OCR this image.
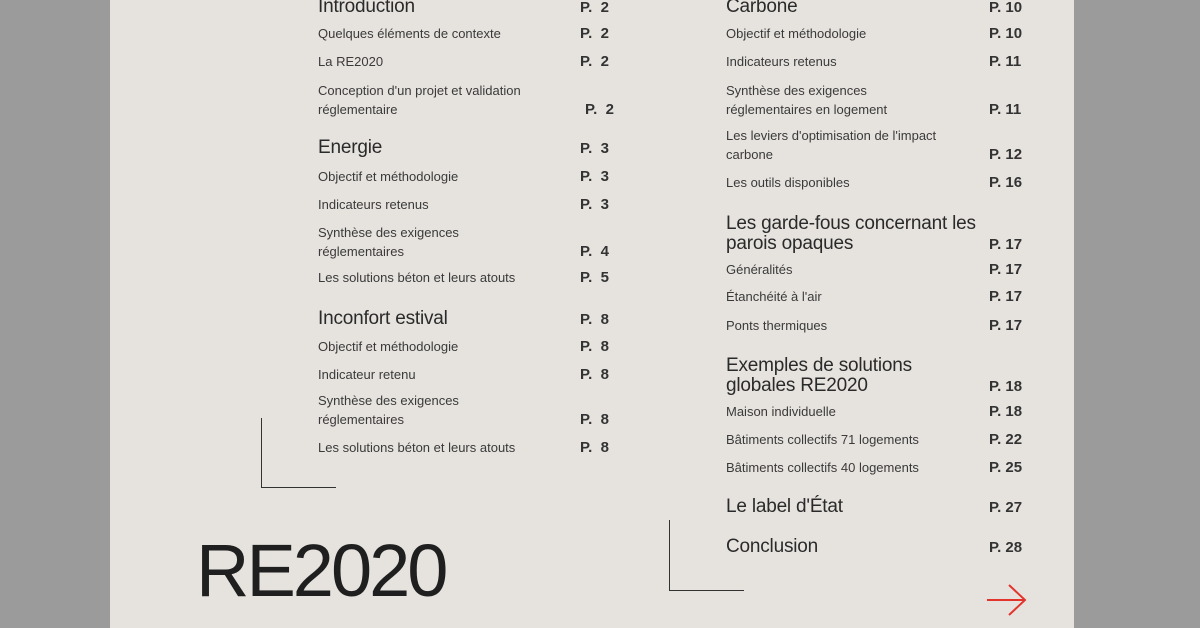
Introduction	P.  2
Quelques éléments de contexte	P.  2
La RE2020	P.  2
Conception d'un projet et validation réglementaire	P.  2
Energie	P.  3
Objectif et méthodologie	P.  3
Indicateurs retenus	P.  3
Synthèse des exigences réglementaires	P.  4
Les solutions béton et leurs atouts	P.  5
Inconfort estival	P.  8
Objectif et méthodologie	P.  8
Indicateur retenu	P.  8
Synthèse des exigences réglementaires	P.  8
Les solutions béton et leurs atouts	P.  8
Carbone	P. 10
Objectif et méthodologie	P. 10
Indicateurs retenus	P. 11
Synthèse des exigences réglementaires en logement	P. 11
Les leviers d'optimisation de l'impact carbone	P. 12
Les outils disponibles	P. 16
Les garde-fous concernant les parois opaques	P. 17
Généralités	P. 17
Étanchéité à l'air	P. 17
Ponts thermiques	P. 17
Exemples de solutions globales RE2020	P. 18
Maison individuelle	P. 18
Bâtiments collectifs 71 logements	P. 22
Bâtiments collectifs 40 logements	P. 25
Le label d'État	P. 27
Conclusion	P. 28
RE2020
